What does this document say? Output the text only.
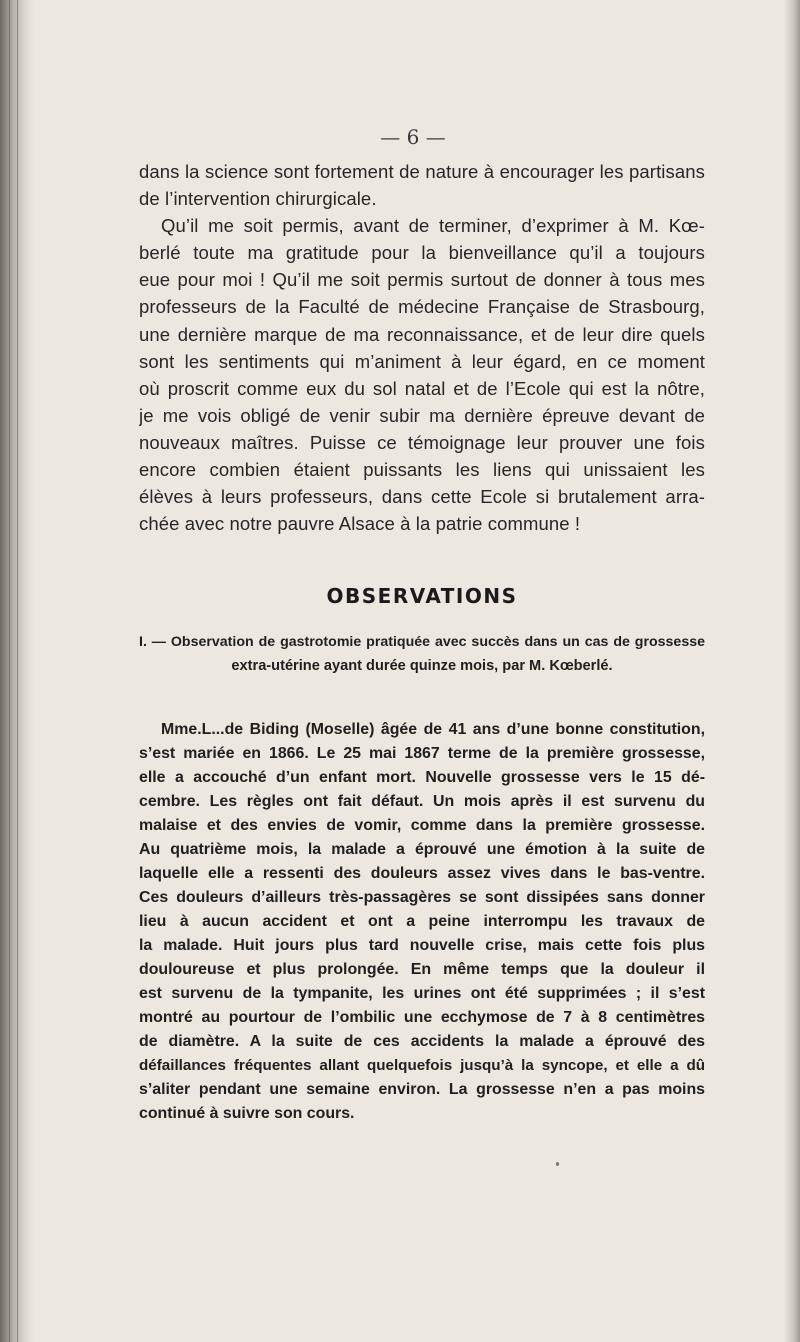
— 6 —
dans la science sont fortement de nature à encourager les partisans
de l’intervention chirurgicale.
Qu’il me soit permis, avant de terminer, d’exprimer à M. Kœ-
berlé toute ma gratitude pour la bienveillance qu’il a toujours
eue pour moi ! Qu’il me soit permis surtout de donner à tous mes
professeurs de la Faculté de médecine Française de Strasbourg,
une dernière marque de ma reconnaissance, et de leur dire quels
sont les sentiments qui m’animent à leur égard, en ce moment
où proscrit comme eux du sol natal et de l’Ecole qui est la nôtre,
je me vois obligé de venir subir ma dernière épreuve devant de
nouveaux maîtres. Puisse ce témoignage leur prouver une fois
encore combien étaient puissants les liens qui unissaient les
élèves à leurs professeurs, dans cette Ecole si brutalement arra-
chée avec notre pauvre Alsace à la patrie commune !
OBSERVATIONS
I. — Observation de gastrotomie pratiquée avec succès dans un cas de grossesse
extra-utérine ayant durée quinze mois, par M. Kœberlé.
Mme.L...de Biding (Moselle) âgée de 41 ans d’une bonne constitution,
s’est mariée en 1866. Le 25 mai 1867 terme de la première grossesse,
elle a accouché d’un enfant mort. Nouvelle grossesse vers le 15 dé-
cembre. Les règles ont fait défaut. Un mois après il est survenu du
malaise et des envies de vomir, comme dans la première grossesse.
Au quatrième mois, la malade a éprouvé une émotion à la suite de
laquelle elle a ressenti des douleurs assez vives dans le bas-ventre.
Ces douleurs d’ailleurs très-passagères se sont dissipées sans donner
lieu à aucun accident et ont a peine interrompu les travaux de
la malade. Huit jours plus tard nouvelle crise, mais cette fois plus
douloureuse et plus prolongée. En même temps que la douleur il
est survenu de la tympanite, les urines ont été supprimées ; il s’est
montré au pourtour de l’ombilic une ecchymose de 7 à 8 centimètres
de diamètre. A la suite de ces accidents la malade a éprouvé des
défaillances fréquentes allant quelquefois jusqu’à la syncope, et elle a dû
s’aliter pendant une semaine environ. La grossesse n’en a pas moins
continué à suivre son cours.
